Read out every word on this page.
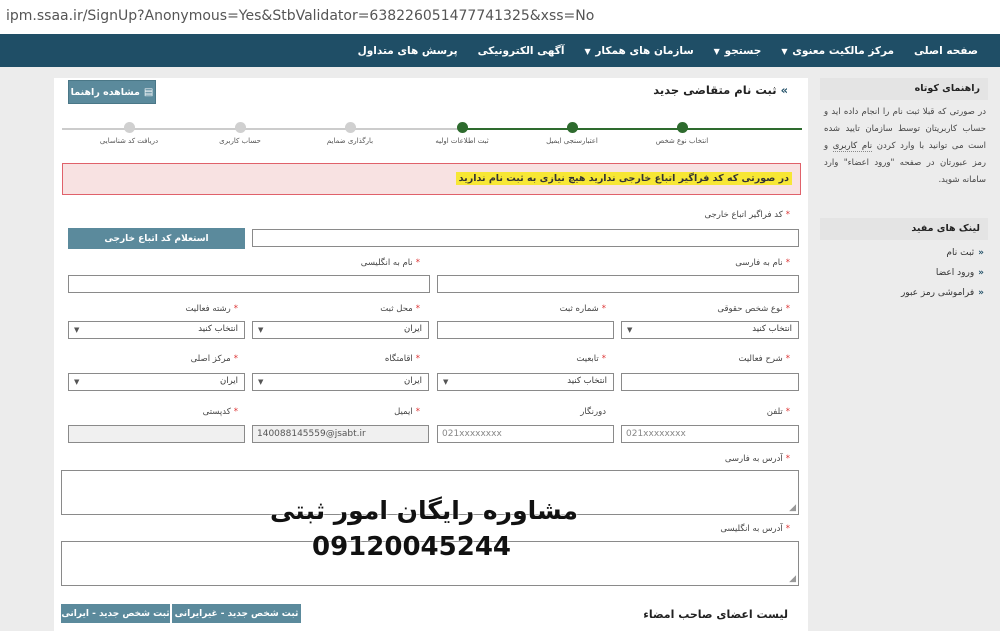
ipm.ssaa.ir/SignUp?Anonymous=Yes&StbValidator=638226051477741325&xss=No
صفحه اصلی
مرکز مالکیت معنوی ▼
جستجو ▼
سازمان های همکار ▼
آگهی الکترونیکی
پرسش های متداول
»ثبت نام متقاضی جدید
▤
مشاهده راهنما
انتخاب نوع شخص
اعتبارسنجی ایمیل
ثبت اطلاعات اولیه
بارگذاری ضمایم
حساب کاربری
دریافت کد شناسایی
در صورتی که کد فراگیر اتباع خارجی ندارید هیچ نیازی به ثبت نام ندارید
*کد فراگیر اتباع خارجی
استعلام کد اتباع خارجی
*نام به فارسی
*نام به انگلیسی
*نوع شخص حقوقی
*شماره ثبت
*محل ثبت
*رشته فعالیت
انتخاب کنید
▼
ایران
▼
انتخاب کنید
▼
*شرح فعالیت
*تابعیت
*اقامتگاه
*مرکز اصلی
انتخاب کنید
▼
ایران
▼
ایران
▼
*تلفن
دورنگار
*ایمیل
*کدپستی
021xxxxxxxx
021xxxxxxxx
140088145559@jsabt.ir
*آدرس به فارسی
◢
*آدرس به انگلیسی
◢
لیست اعضای صاحب امضاء
ثبت شخص جدید - غیرایرانی
ثبت شخص جدید - ایرانی
مشاوره رایگان امور ثبتی
09120045244
راهنمای کوتاه
در صورتی که قبلا ثبت نام را انجام داده اید و حساب کاربریتان توسط سازمان تایید شده است می توانید با وارد کردن نام کاربری و رمز عبورتان در صفحه "ورود اعضاء" وارد سامانه شوید.
لینک های مفید
«ثبت نام
«ورود اعضا
«فراموشی رمز عبور
